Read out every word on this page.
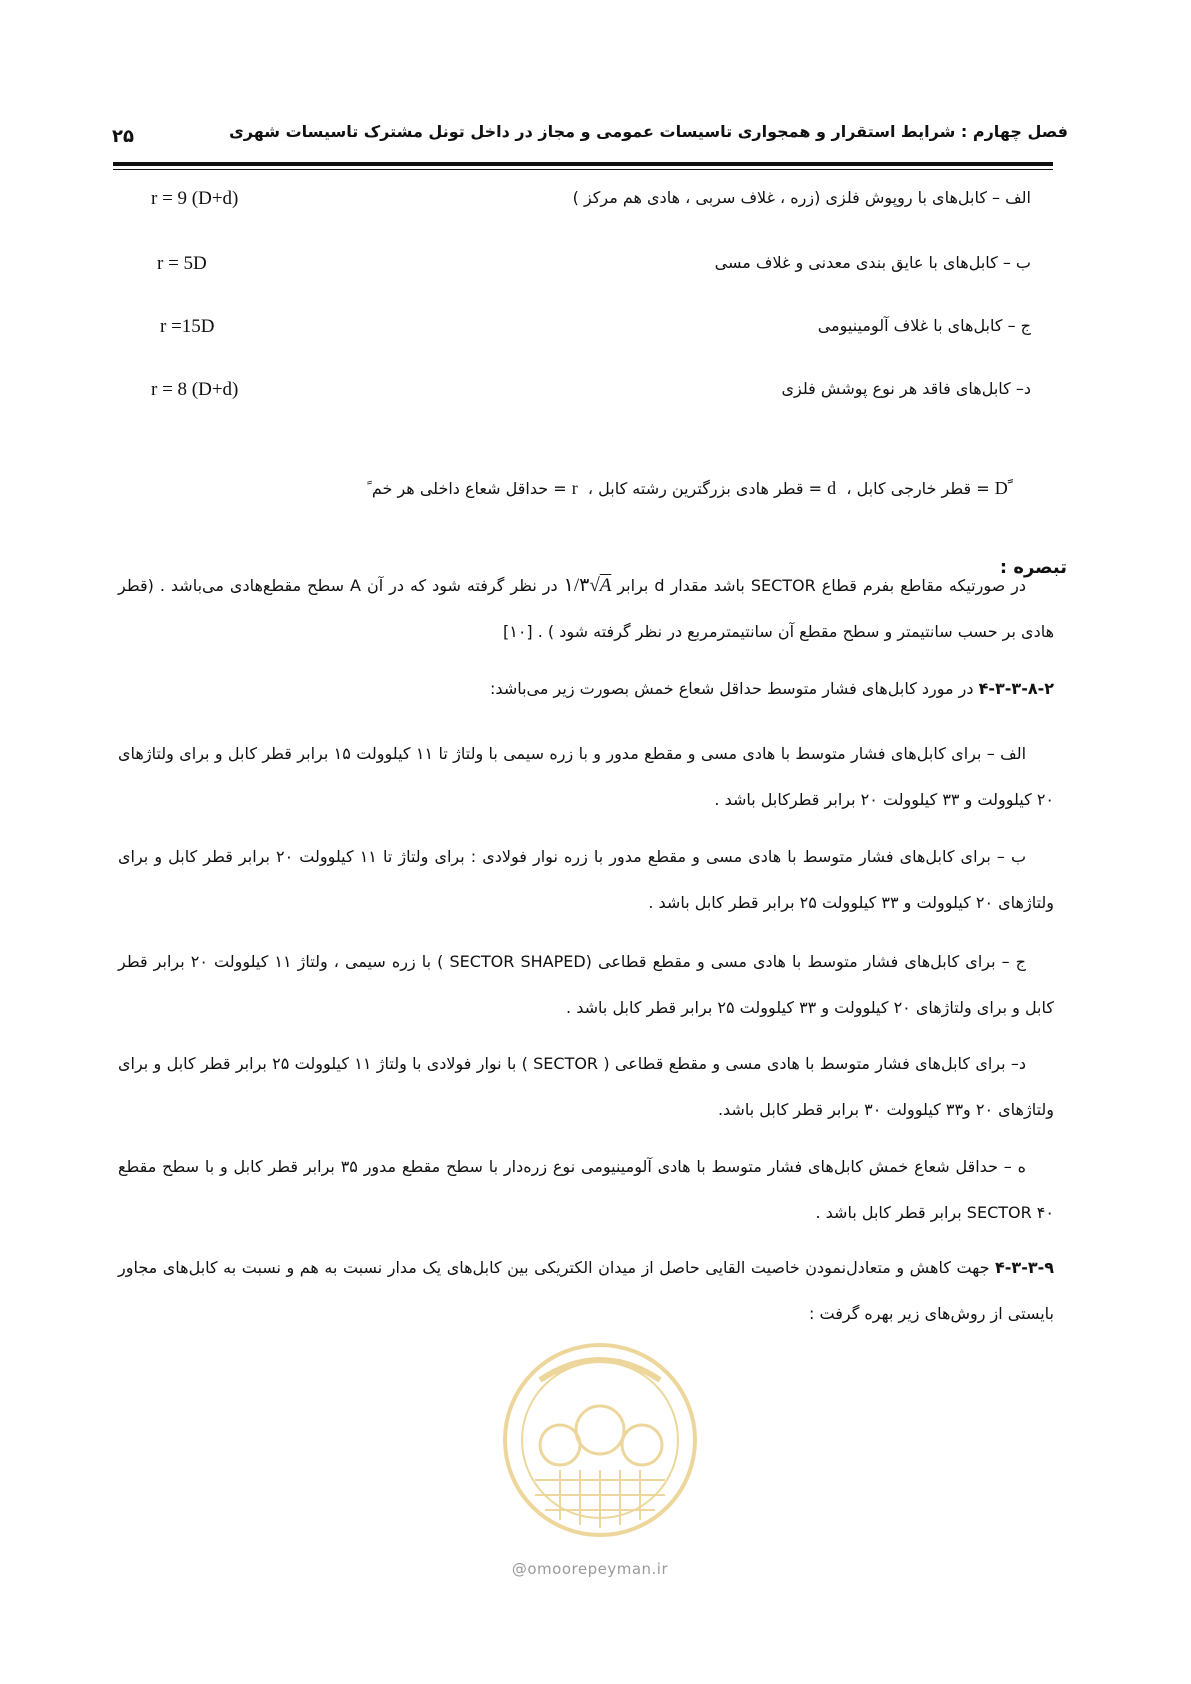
فصل چهارم : شرایط استقرار و همجواری تاسیسات عمومی و مجاز در داخل تونل مشترک تاسیسات شهری
۲۵
الف – کابل‌های با روپوش فلزی (زره ، غلاف سربی ، هادی هم مرکز )
r = 9 (D+d)
ب – کابل‌های با عایق بندی معدنی و غلاف مسی
r = 5D
ج – کابل‌های با غلاف آلومینیومی
r =15D
د– کابل‌های فاقد هر نوع پوشش فلزی
r = 8 (D+d)
D ً = قطر خارجی کابل ،  d = قطر هادی بزرگترین رشته کابل ،  r = حداقل شعاع داخلی هر خم ً
تبصره :
در صورتیکه مقاطع بفرم قطاع SECTOR باشد مقدار d برابر ۱/۳√A در نظر گرفته شود که در آن A سطح مقطع‌هادی می‌باشد . (قطر هادی بر حسب سانتیمتر و سطح مقطع آن سانتیمترمربع در نظر گرفته شود ) . [۱۰]
۴-۳-۳-۸-۲ در مورد کابل‌های فشار متوسط حداقل شعاع خمش بصورت زیر می‌باشد:
الف – برای کابل‌های فشار متوسط با هادی مسی و مقطع مدور و با زره سیمی با ولتاژ تا ۱۱ کیلوولت ۱۵ برابر قطر کابل و برای ولتاژهای ۲۰ کیلوولت و ۳۳ کیلوولت ۲۰ برابر قطرکابل باشد .
ب – برای کابل‌های فشار متوسط با هادی مسی و مقطع مدور با زره نوار فولادی : برای ولتاژ تا ۱۱ کیلوولت ۲۰ برابر قطر کابل و برای ولتاژهای ۲۰ کیلوولت و ۳۳ کیلوولت ۲۵ برابر قطر کابل باشد .
ج – برای کابل‌های فشار متوسط با هادی مسی و مقطع قطاعی (SECTOR SHAPED ) با زره سیمی ، ولتاژ ۱۱ کیلوولت ۲۰ برابر قطر کابل و برای ولتاژهای ۲۰ کیلوولت و ۳۳ کیلوولت ۲۵ برابر قطر کابل باشد .
د– برای کابل‌های فشار متوسط با هادی مسی و مقطع قطاعی ( SECTOR ) با نوار فولادی با ولتاژ ۱۱ کیلوولت ۲۵ برابر قطر کابل و برای ولتاژهای ۲۰ و۳۳ کیلوولت ۳۰ برابر قطر کابل باشد.
ه – حداقل شعاع خمش کابل‌های فشار متوسط با هادی آلومینیومی نوع زره‌دار با سطح مقطع مدور ۳۵ برابر قطر کابل و با سطح مقطع SECTOR ۴۰ برابر قطر کابل باشد .
۴-۳-۳-۹ جهت کاهش و متعادل‌نمودن خاصیت القایی حاصل از میدان الکتریکی بین کابل‌های یک مدار نسبت به هم و نسبت به کابل‌های مجاور بایستی از روش‌های زیر بهره گرفت :
@omoorepeyman.ir
